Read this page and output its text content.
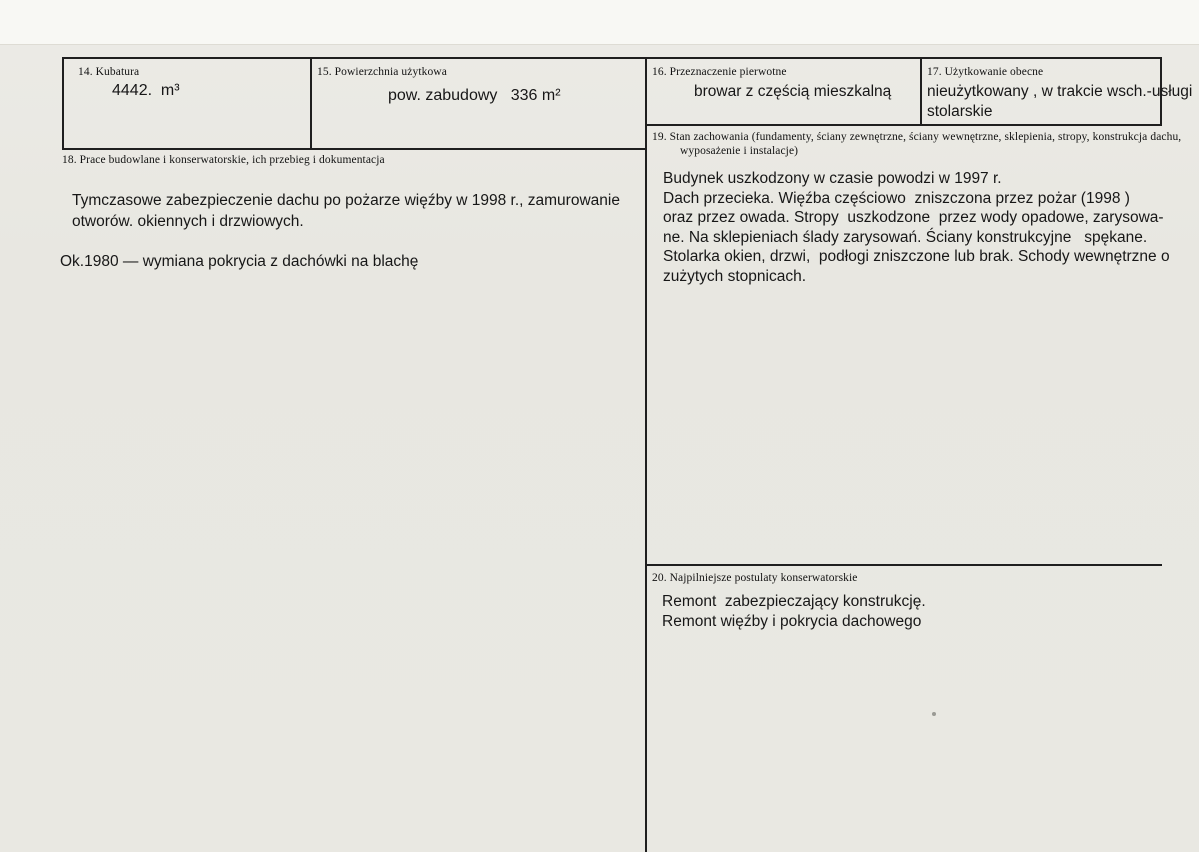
14. Kubatura
4442.  m³
15. Powierzchnia użytkowa
pow. zabudowy   336 m²
16. Przeznaczenie pierwotne
browar z częścią mieszkalną
17. Użytkowanie obecne
nieużytkowany , w trakcie wsch.-usługi
stolarskie
18. Prace budowlane i konserwatorskie, ich przebieg i dokumentacja
Tymczasowe zabezpieczenie dachu po pożarze więźby w 1998 r., zamurowanie
otworów. okiennych i drzwiowych.
Ok.1980 — wymiana pokrycia z dachówki na blachę
19. Stan zachowania (fundamenty, ściany zewnętrzne, ściany wewnętrzne, sklepienia, stropy, konstrukcja dachu,
wyposażenie i instalacje)
Budynek uszkodzony w czasie powodzi w 1997 r.
Dach przecieka. Więźba częściowo  zniszczona przez pożar (1998 )
oraz przez owada. Stropy  uszkodzone  przez wody opadowe, zarysowa-
ne. Na sklepieniach ślady zarysowań. Ściany konstrukcyjne   spękane.
Stolarka okien, drzwi,  podłogi zniszczone lub brak. Schody wewnętrzne o
zużytych stopnicach.
20. Najpilniejsze postulaty konserwatorskie
Remont  zabezpieczający konstrukcję.
Remont więźby i pokrycia dachowego
